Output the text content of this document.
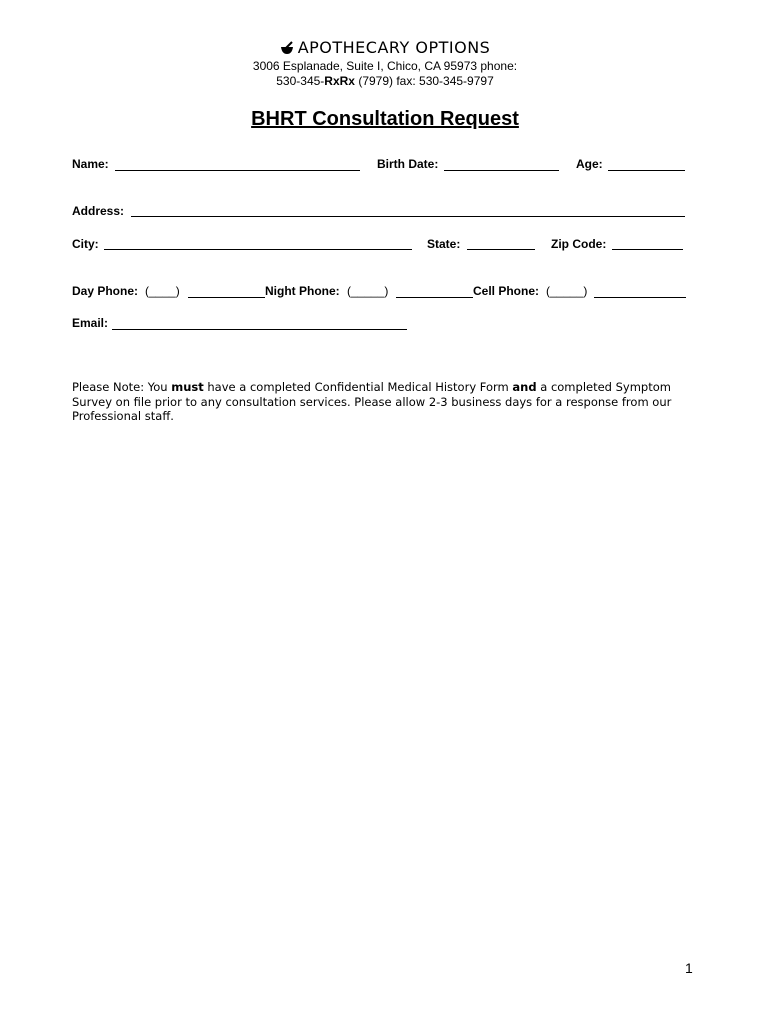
APOTHECARY OPTIONS
3006 Esplanade, Suite I, Chico, CA 95973 phone:
530-345-RxRx (7979) fax: 530-345-9797
BHRT Consultation Request
Name:	Birth Date:	Age:
Address:
City:	State:	Zip Code:
Day Phone: (____)	Night Phone: (_____)	Cell Phone: (_____)
Email:
Please Note: You must have a completed Confidential Medical History Form and a completed Symptom Survey on file prior to any consultation services. Please allow 2-3 business days for a response from our Professional staff.
1
